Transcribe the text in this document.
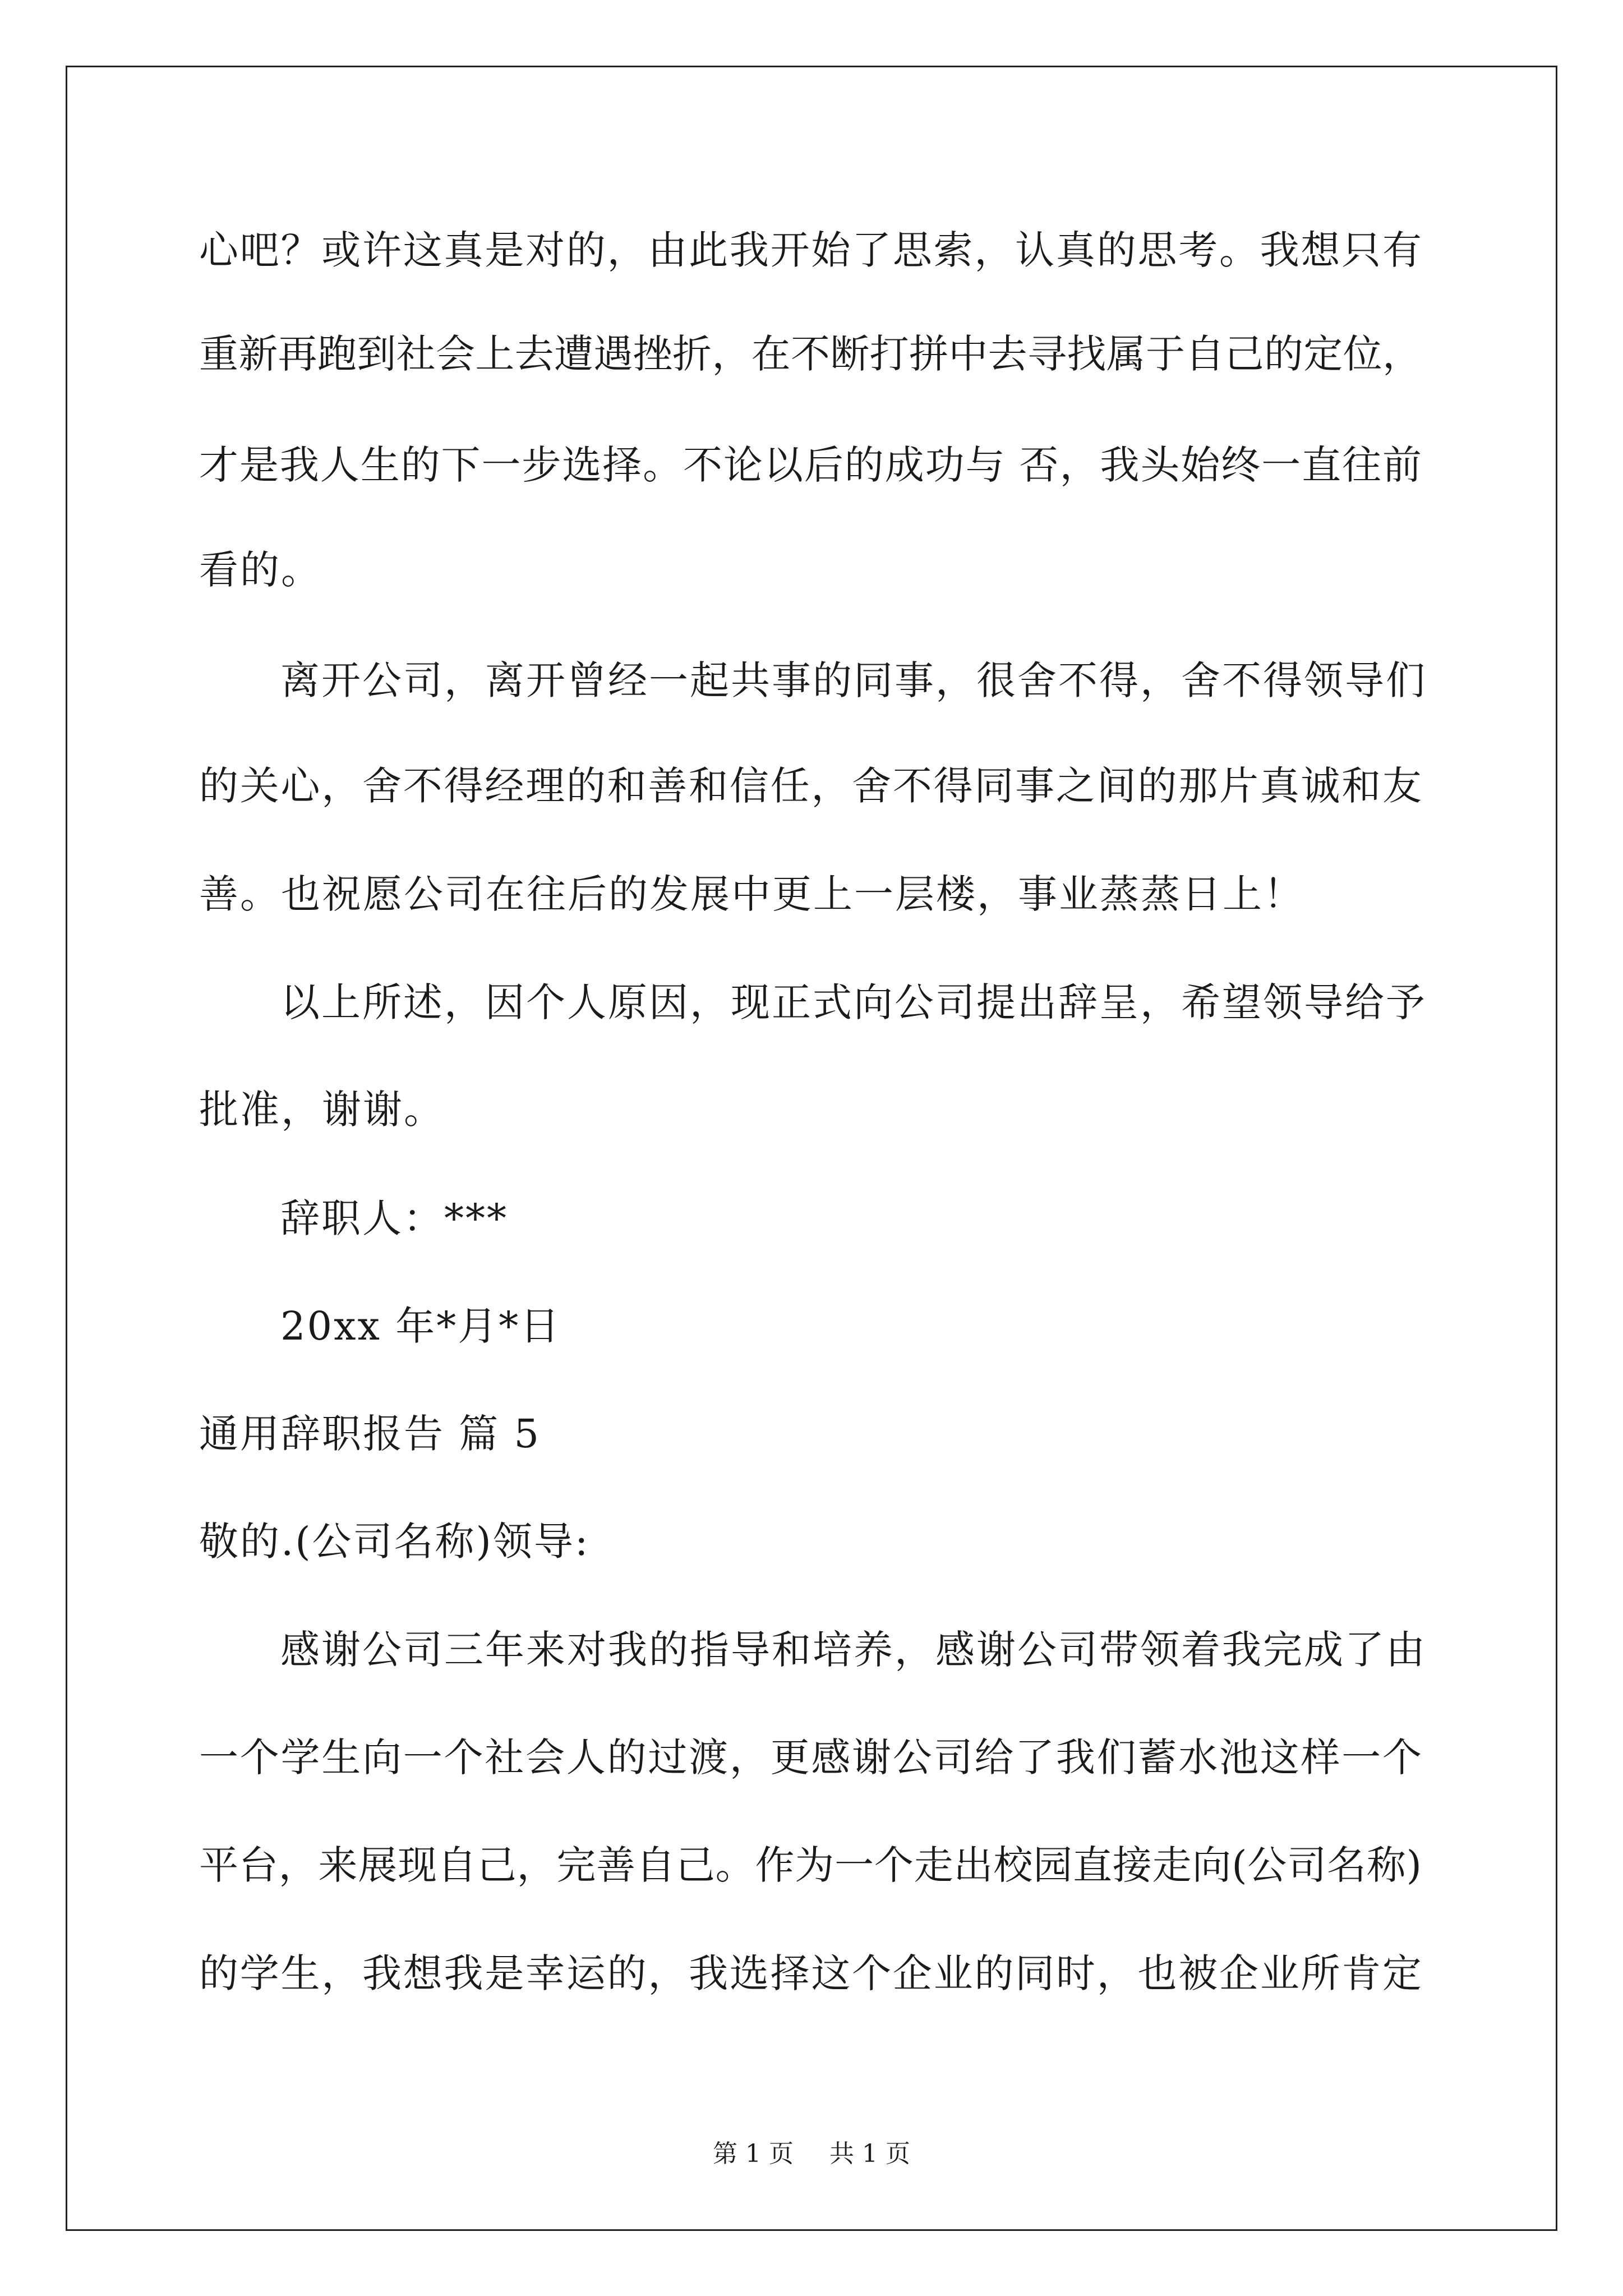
心吧？或许这真是对的，由此我开始了思索，认真的思考。我想只有
重新再跑到社会上去遭遇挫折，在不断打拼中去寻找属于自己的定位，
才是我人生的下一步选择。不论以后的成功与 否，我头始终一直往前
看的。
离开公司，离开曾经一起共事的同事，很舍不得，舍不得领导们
的关心，舍不得经理的和善和信任，舍不得同事之间的那片真诚和友
善。也祝愿公司在往后的发展中更上一层楼，事业蒸蒸日上！
以上所述，因个人原因，现正式向公司提出辞呈，希望领导给予
批准，谢谢。
辞职人：***
20xx 年*月*日
通用辞职报告 篇 5
敬的.(公司名称)领导:
感谢公司三年来对我的指导和培养，感谢公司带领着我完成了由
一个学生向一个社会人的过渡，更感谢公司给了我们蓄水池这样一个
平台，来展现自己，完善自己。作为一个走出校园直接走向(公司名称)
的学生，我想我是幸运的，我选择这个企业的同时，也被企业所肯定
第 1 页 共 1 页
